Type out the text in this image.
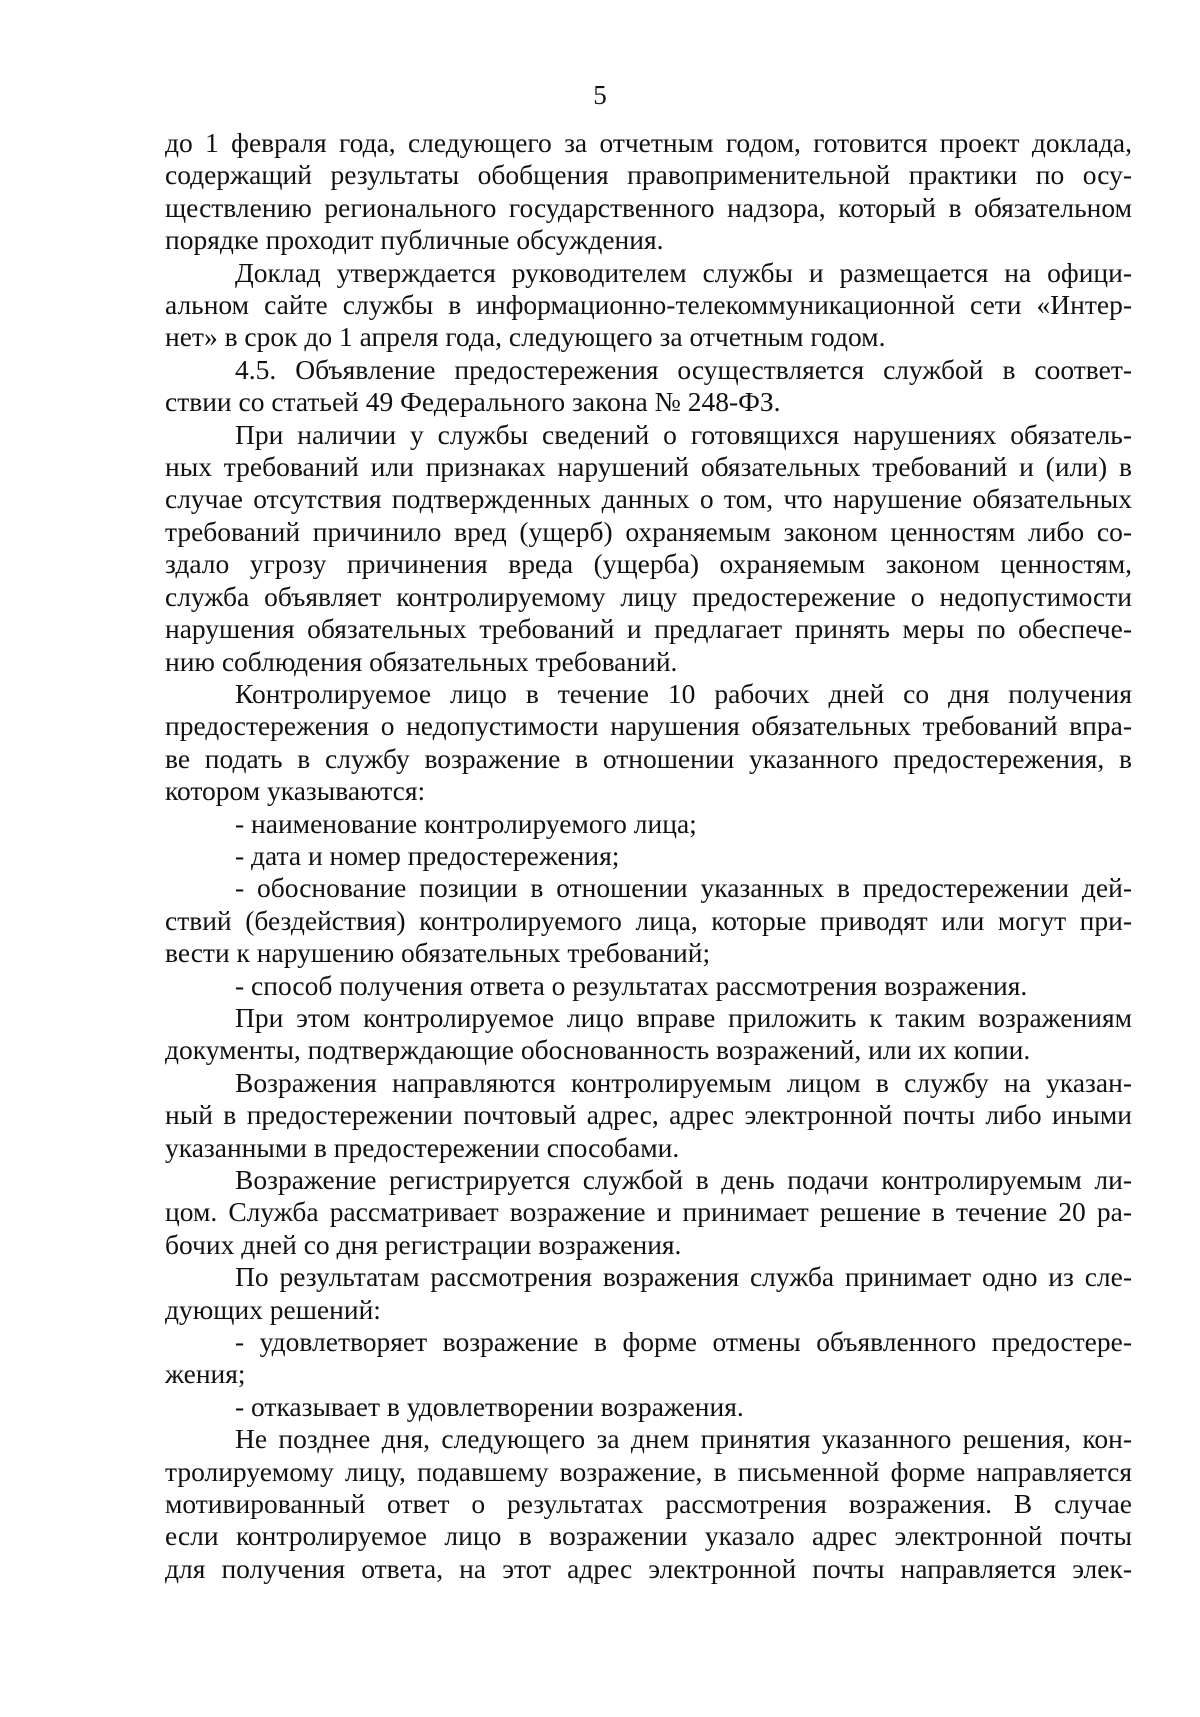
5

до 1 февраля года, следующего за отчетным годом, готовится проект доклада,

содержащий результаты обобщения правоприменительной практики по осу-

ществлению регионального государственного надзора, который в обязательном

порядке проходит публичные обсуждения.

Доклад утверждается руководителем службы и размещается на офици-

альном сайте службы в информационно-телекоммуникационной сети «Интер-

нет» в срок до 1 апреля года, следующего за отчетным годом.

4.5. Объявление предостережения осуществляется службой в соответ-

ствии со статьей 49 Федерального закона № 248-ФЗ.

При наличии у службы сведений о готовящихся нарушениях обязатель-

ных требований или признаках нарушений обязательных требований и (или) в

случае отсутствия подтвержденных данных о том, что нарушение обязательных

требований причинило вред (ущерб) охраняемым законом ценностям либо со-

здало угрозу причинения вреда (ущерба) охраняемым законом ценностям,

служба объявляет контролируемому лицу предостережение о недопустимости

нарушения обязательных требований и предлагает принять меры по обеспече-

нию соблюдения обязательных требований.

Контролируемое лицо в течение 10 рабочих дней со дня получения

предостережения о недопустимости нарушения обязательных требований впра-

ве подать в службу возражение в отношении указанного предостережения, в

котором указываются:

- наименование контролируемого лица;

- дата и номер предостережения;

- обоснование позиции в отношении указанных в предостережении дей-

ствий (бездействия) контролируемого лица, которые приводят или могут при-

вести к нарушению обязательных требований;

- способ получения ответа о результатах рассмотрения возражения.

При этом контролируемое лицо вправе приложить к таким возражениям

документы, подтверждающие обоснованность возражений, или их копии.

Возражения направляются контролируемым лицом в службу на указан-

ный в предостережении почтовый адрес, адрес электронной почты либо иными

указанными в предостережении способами.

Возражение регистрируется службой в день подачи контролируемым ли-

цом. Служба рассматривает возражение и принимает решение в течение 20 ра-

бочих дней со дня регистрации возражения.

По результатам рассмотрения возражения служба принимает одно из сле-

дующих решений:

- удовлетворяет возражение в форме отмены объявленного предостере-

жения;

- отказывает в удовлетворении возражения.

Не позднее дня, следующего за днем принятия указанного решения, кон-

тролируемому лицу, подавшему возражение, в письменной форме направляется

мотивированный ответ о результатах рассмотрения возражения. В случае

если контролируемое лицо в возражении указало адрес электронной почты

для получения ответа, на этот адрес электронной почты направляется элек-
